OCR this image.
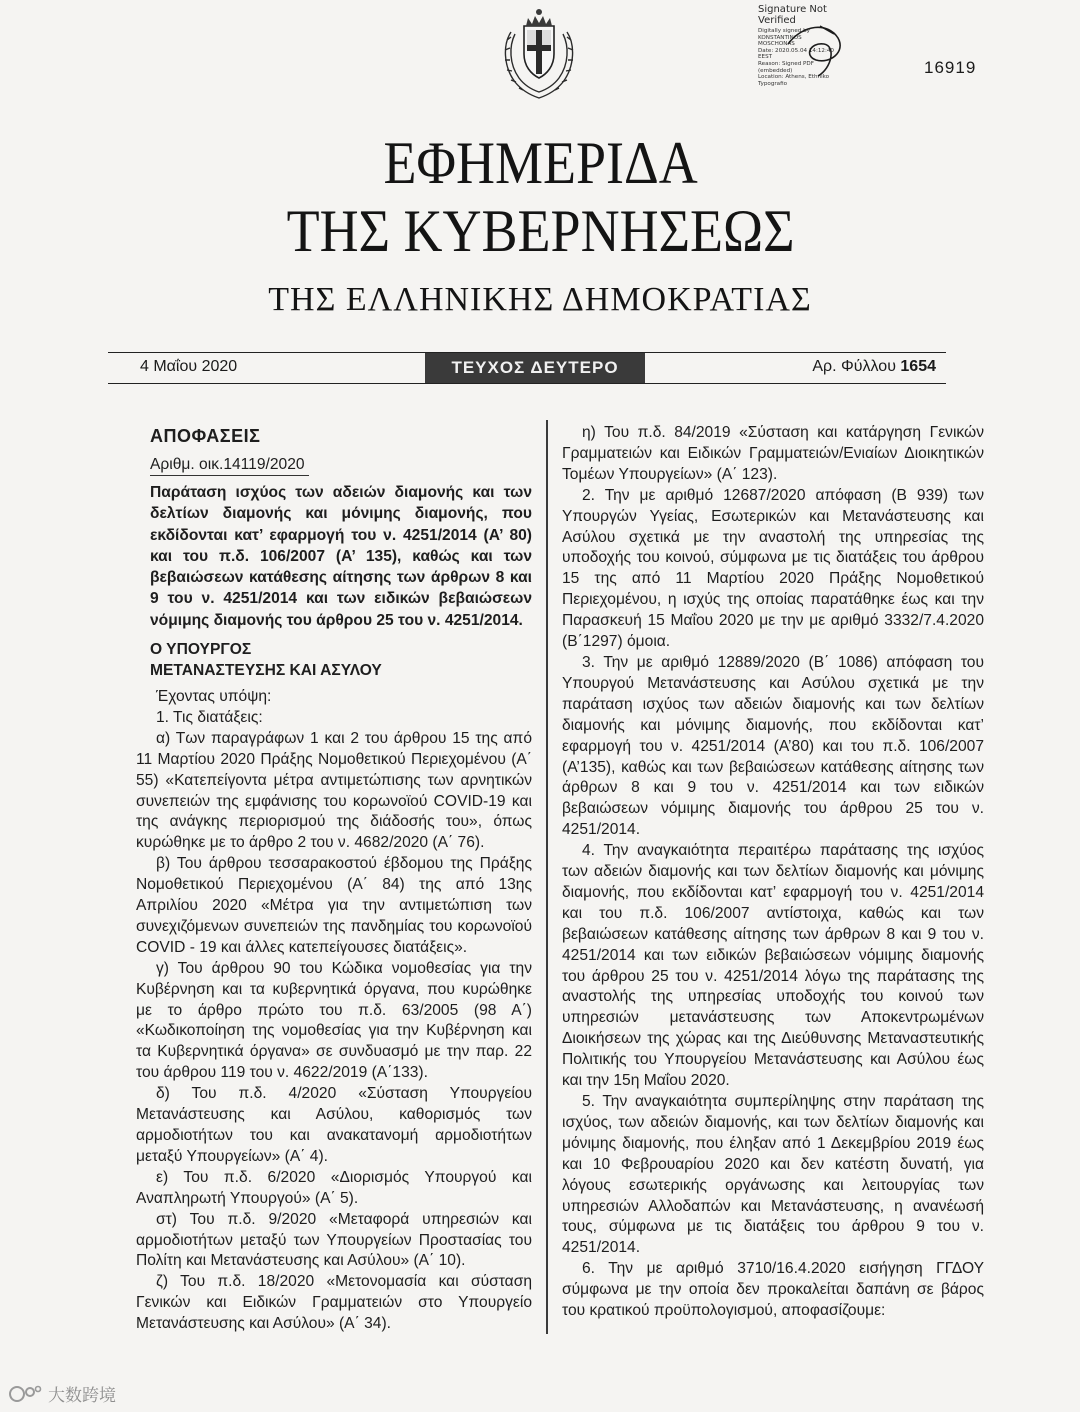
Signature Not
Verified
Digitally signed by
KONSTANTINOS
MOSCHONAS
Date: 2020.05.04 14:12:40
EEST
Reason: Signed PDF
(embedded)
Location: Athens, Ethniko
Typografio
16919
ΕΦΗΜΕΡΙΔΑ
ΤΗΣ ΚΥΒΕΡΝΗΣΕΩΣ
ΤΗΣ ΕΛΛΗΝΙΚΗΣ ΔΗΜΟΚΡΑΤΙΑΣ
4 Μαΐου 2020	ΤΕΥΧΟΣ ΔΕΥΤΕΡΟ	Αρ. Φύλλου 1654

ΑΠΟΦΑΣΕΙΣ

Αριθμ. οικ.14119/2020

Παράταση ισχύος των αδειών διαμονής και των δελτίων διαμονής και μόνιμης διαμονής, που εκδίδονται κατ’ εφαρμογή του ν. 4251/2014 (Α’ 80) και του π.δ. 106/2007 (Α’ 135), καθώς και των βεβαιώσεων κατάθεσης αίτησης των άρθρων 8 και 9 του ν. 4251/2014 και των ειδικών βεβαιώσεων νόμιμης διαμονής του άρθρου 25 του ν. 4251/2014.

Ο ΥΠΟΥΡΓΟΣ
ΜΕΤΑΝΑΣΤΕΥΣΗΣ ΚΑΙ ΑΣΥΛΟΥ

Έχοντας υπόψη:

1. Τις διατάξεις:

α) Των παραγράφων 1 και 2 του άρθρου 15 της από 11 Μαρτίου 2020 Πράξης Νομοθετικού Περιεχομένου (Α΄ 55) «Κατεπείγοντα μέτρα αντιμετώπισης των αρνητικών συνεπειών της εμφάνισης του κορωνοϊού COVID-19 και της ανάγκης περιορισμού της διάδοσής του», όπως κυρώθηκε με το άρθρο 2 του ν. 4682/2020 (Α΄ 76).

β) Του άρθρου τεσσαρακοστού έβδομου της Πράξης Νομοθετικού Περιεχομένου (Α΄ 84) της από 13ης Απριλίου 2020 «Μέτρα για την αντιμετώπιση των συνεχιζόμενων συνεπειών της πανδημίας του κορωνοϊού COVID - 19 και άλλες κατεπείγουσες διατάξεις».

γ) Του άρθρου 90 του Κώδικα νομοθεσίας για την Κυβέρνηση και τα κυβερνητικά όργανα, που κυρώθηκε με το άρθρο πρώτο του π.δ. 63/2005 (98 Α΄) «Κωδικοποίηση της νομοθεσίας για την Κυβέρνηση και τα Κυβερνητικά όργανα» σε συνδυασμό με την παρ. 22 του άρθρου 119 του ν. 4622/2019 (Α΄133).

δ) Του π.δ. 4/2020 «Σύσταση Υπουργείου Μετανάστευσης και Ασύλου, καθορισμός των αρμοδιοτήτων του και ανακατανομή αρμοδιοτήτων μεταξύ Υπουργείων» (Α΄ 4).

ε) Του π.δ. 6/2020 «Διορισμός Υπουργού και Αναπληρωτή Υπουργού» (Α΄ 5).

στ) Του π.δ. 9/2020 «Μεταφορά υπηρεσιών και αρμοδιοτήτων μεταξύ των Υπουργείων Προστασίας του Πολίτη και Μετανάστευσης και Ασύλου» (Α΄ 10).

ζ) Του π.δ. 18/2020 «Μετονομασία και σύσταση Γενικών και Ειδικών Γραμματειών στο Υπουργείο Μετανάστευσης και Ασύλου» (Α΄ 34).

η) Του π.δ. 84/2019 «Σύσταση και κατάργηση Γενικών Γραμματειών και Ειδικών Γραμματειών/Ενιαίων Διοικητικών Τομέων Υπουργείων» (Α΄ 123).

2. Την με αριθμό 12687/2020 απόφαση (Β 939) των Υπουργών Υγείας, Εσωτερικών και Μετανάστευσης και Ασύλου σχετικά με την αναστολή της υπηρεσίας της υποδοχής του κοινού, σύμφωνα με τις διατάξεις του άρθρου 15 της από 11 Μαρτίου 2020 Πράξης Νομοθετικού Περιεχομένου, η ισχύς της οποίας παρατάθηκε έως και την Παρασκευή 15 Μαΐου 2020 με την με αριθμό 3332/7.4.2020 (Β΄1297) όμοια.

3. Την με αριθμό 12889/2020 (Β΄ 1086) απόφαση του Υπουργού Μετανάστευσης και Ασύλου σχετικά με την παράταση ισχύος των αδειών διαμονής και των δελτίων διαμονής και μόνιμης διαμονής, που εκδίδονται κατ’ εφαρμογή του ν. 4251/2014 (Α’80) και του π.δ. 106/2007 (Α’135), καθώς και των βεβαιώσεων κατάθεσης αίτησης των άρθρων 8 και 9 του ν. 4251/2014 και των ειδικών βεβαιώσεων νόμιμης διαμονής του άρθρου 25 του ν. 4251/2014.

4. Την αναγκαιότητα περαιτέρω παράτασης της ισχύος των αδειών διαμονής και των δελτίων διαμονής και μόνιμης διαμονής, που εκδίδονται κατ’ εφαρμογή του ν. 4251/2014 και του π.δ. 106/2007 αντίστοιχα, καθώς και των βεβαιώσεων κατάθεσης αίτησης των άρθρων 8 και 9 του ν. 4251/2014 και των ειδικών βεβαιώσεων νόμιμης διαμονής του άρθρου 25 του ν. 4251/2014 λόγω της παράτασης της αναστολής της υπηρεσίας υποδοχής του κοινού των υπηρεσιών μετανάστευσης των Αποκεντρωμένων Διοικήσεων της χώρας και της Διεύθυνσης Μεταναστευτικής Πολιτικής του Υπουργείου Μετανάστευσης και Ασύλου έως και την 15η Μαΐου 2020.

5. Την αναγκαιότητα συμπερίληψης στην παράταση της ισχύος, των αδειών διαμονής, και των δελτίων διαμονής και μόνιμης διαμονής, που έληξαν από 1 Δεκεμβρίου 2019 έως και 10 Φεβρουαρίου 2020 και δεν κατέστη δυνατή, για λόγους εσωτερικής οργάνωσης και λειτουργίας των υπηρεσιών Αλλοδαπών και Μετανάστευσης, η ανανέωσή τους, σύμφωνα με τις διατάξεις του άρθρου 9 του ν. 4251/2014.

6. Την με αριθμό 3710/16.4.2020 εισήγηση ΓΓΔΟΥ σύμφωνα με την οποία δεν προκαλείται δαπάνη σε βάρος του κρατικού προϋπολογισμού, αποφασίζουμε:

大数跨境
